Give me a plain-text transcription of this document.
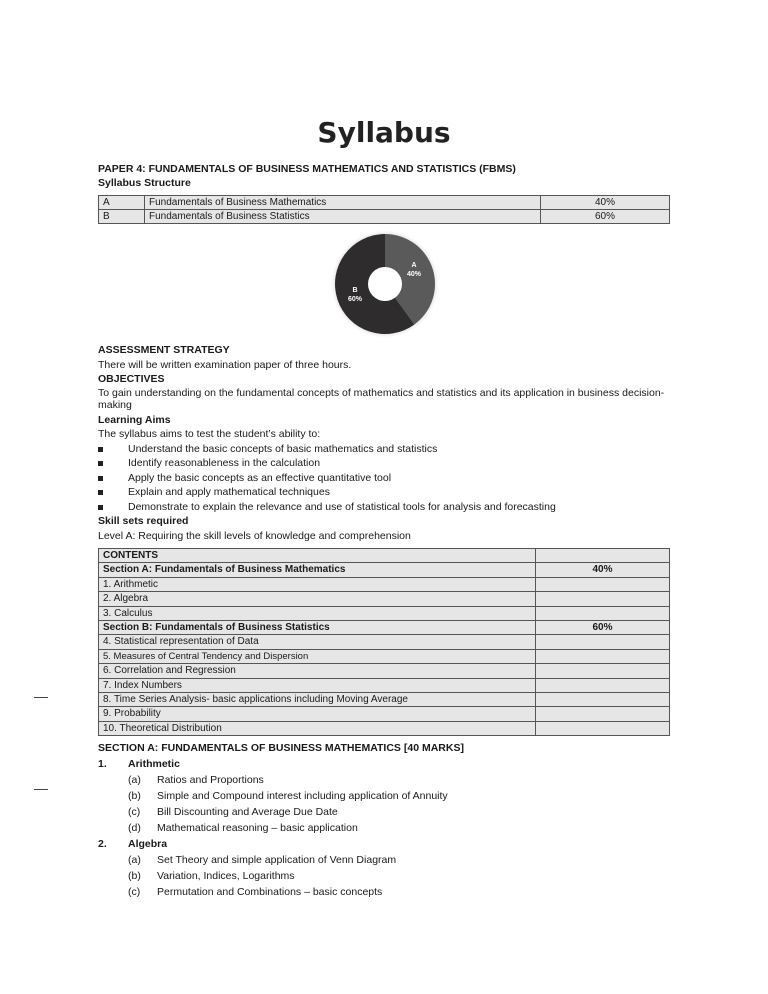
Syllabus
PAPER 4: FUNDAMENTALS OF BUSINESS MATHEMATICS AND STATISTICS (FBMS)
Syllabus Structure
A	Fundamentals of Business Mathematics	40%
B	Fundamentals of Business Statistics	60%
A
40%
B
60%
ASSESSMENT STRATEGY
There will be written examination paper of three hours.
OBJECTIVES
To gain understanding on the fundamental concepts of mathematics and statistics and its application in business decision-making
Learning Aims
The syllabus aims to test the student’s ability to:
Understand the basic concepts of basic mathematics and statistics
Identify reasonableness in the calculation
Apply the basic concepts as an effective quantitative tool
Explain and apply mathematical techniques
Demonstrate to explain the relevance and use of statistical tools for analysis and forecasting
Skill sets required
Level A: Requiring the skill levels of knowledge and comprehension
CONTENTS	
Section A: Fundamentals of Business Mathematics	40%
1. Arithmetic	
2. Algebra	
3. Calculus	
Section B: Fundamentals of Business Statistics	60%
4. Statistical representation of Data	
5. Measures of Central Tendency and Dispersion	
6. Correlation and Regression	
7. Index Numbers	
8. Time Series Analysis- basic applications including Moving Average	
9. Probability	
10. Theoretical Distribution	
SECTION A: FUNDAMENTALS OF BUSINESS MATHEMATICS [40 MARKS]
1. Arithmetic
(a) Ratios and Proportions
(b) Simple and Compound interest including application of Annuity
(c) Bill Discounting and Average Due Date
(d) Mathematical reasoning – basic application
2. Algebra
(a) Set Theory and simple application of Venn Diagram
(b) Variation, Indices, Logarithms
(c) Permutation and Combinations – basic concepts
